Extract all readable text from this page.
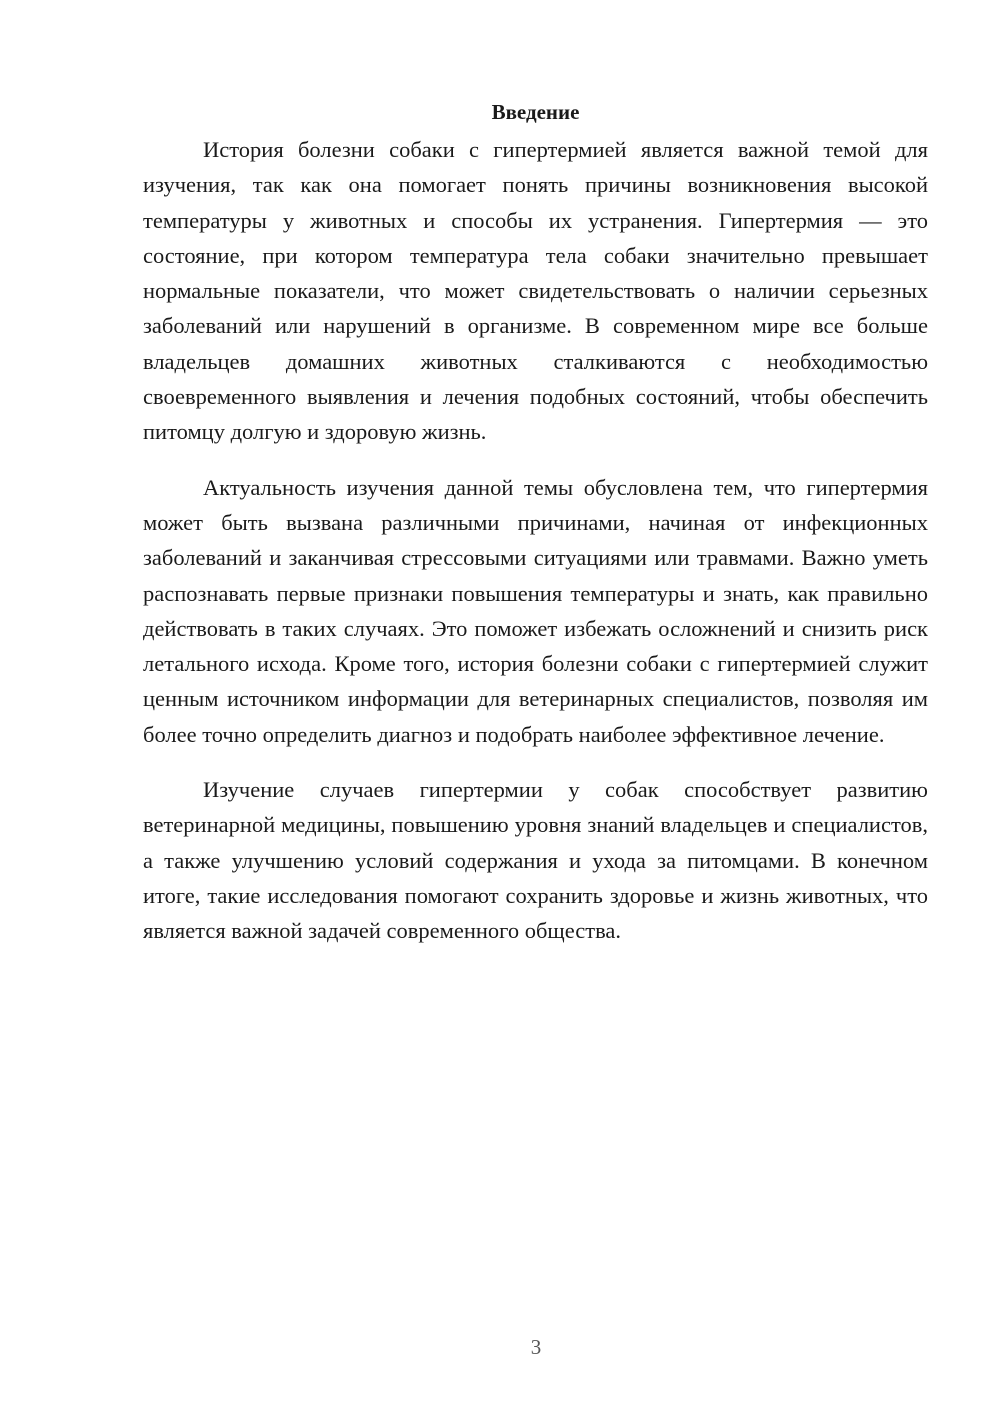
Введение

История болезни собаки с гипертермией является важной темой для изучения, так как она помогает понять причины возникновения высокой температуры у животных и способы их устранения. Гипертермия — это состояние, при котором температура тела собаки значительно превышает нормальные показатели, что может свидетельствовать о наличии серьезных заболеваний или нарушений в организме. В современном мире все больше владельцев домашних животных сталкиваются с необходимостью своевременного выявления и лечения подобных состояний, чтобы обеспечить питомцу долгую и здоровую жизнь.

Актуальность изучения данной темы обусловлена тем, что гипертермия может быть вызвана различными причинами, начиная от инфекционных заболеваний и заканчивая стрессовыми ситуациями или травмами. Важно уметь распознавать первые признаки повышения температуры и знать, как правильно действовать в таких случаях. Это поможет избежать осложнений и снизить риск летального исхода. Кроме того, история болезни собаки с гипертермией служит ценным источником информации для ветеринарных специалистов, позволяя им более точно определить диагноз и подобрать наиболее эффективное лечение.

Изучение случаев гипертермии у собак способствует развитию ветеринарной медицины, повышению уровня знаний владельцев и специалистов, а также улучшению условий содержания и ухода за питомцами. В конечном итоге, такие исследования помогают сохранить здоровье и жизнь животных, что является важной задачей современного общества.

3
